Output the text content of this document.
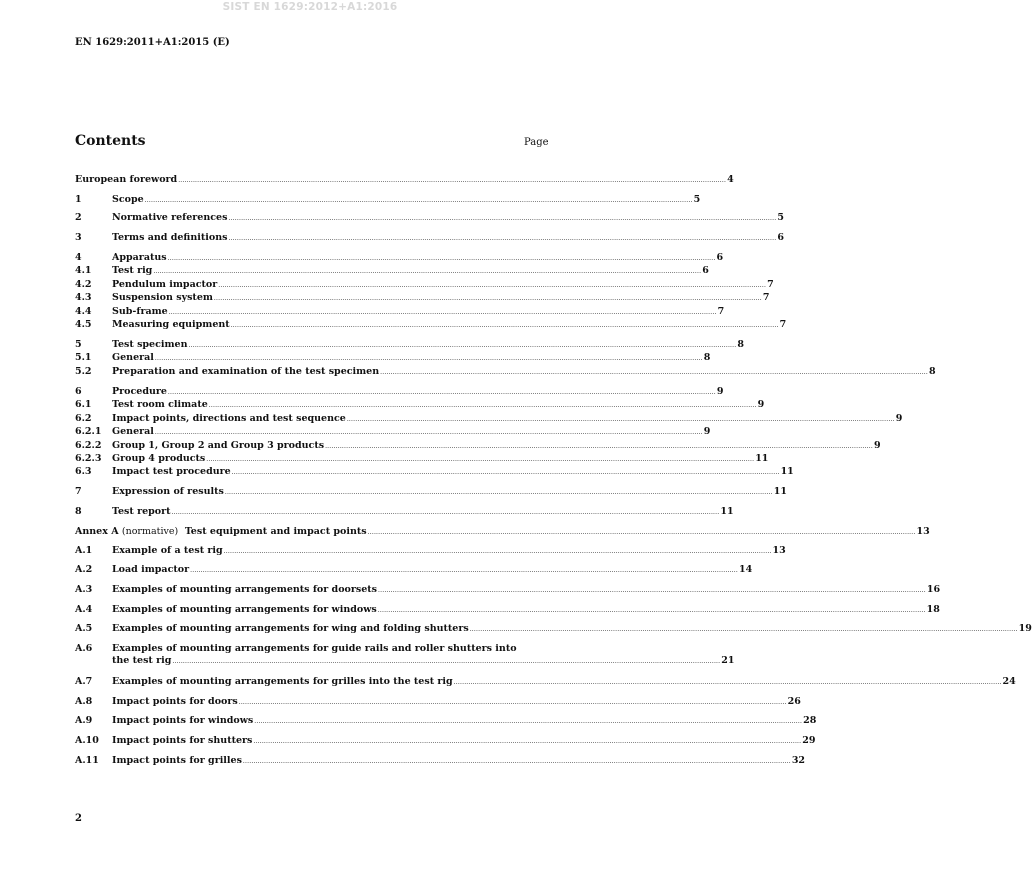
SIST EN 1629:2012+A1:2016
EN 1629:2011+A1:2015 (E)
Contents	Page
European foreword .................................................................................................................................................................................................................................................................... 4
1	Scope .................................................................................................................................................................................................................................................................... 5
2	Normative references .................................................................................................................................................................................................................................................................... 5
3	Terms and definitions .................................................................................................................................................................................................................................................................... 6
4	Apparatus .................................................................................................................................................................................................................................................................... 6
4.1	Test rig .................................................................................................................................................................................................................................................................... 6
4.2	Pendulum impactor .................................................................................................................................................................................................................................................................... 7
4.3	Suspension system .................................................................................................................................................................................................................................................................... 7
4.4	Sub-frame .................................................................................................................................................................................................................................................................... 7
4.5	Measuring equipment .................................................................................................................................................................................................................................................................... 7
5	Test specimen .................................................................................................................................................................................................................................................................... 8
5.1	General .................................................................................................................................................................................................................................................................... 8
5.2	Preparation and examination of the test specimen .................................................................................................................................................................................................................................................................... 8
6	Procedure .................................................................................................................................................................................................................................................................... 9
6.1	Test room climate .................................................................................................................................................................................................................................................................... 9
6.2	Impact points, directions and test sequence .................................................................................................................................................................................................................................................................... 9
6.2.1	General .................................................................................................................................................................................................................................................................... 9
6.2.2	Group 1, Group 2 and Group 3 products .................................................................................................................................................................................................................................................................... 9
6.2.3	Group 4 products .................................................................................................................................................................................................................................................................... 11
6.3	Impact test procedure .................................................................................................................................................................................................................................................................... 11
7	Expression of results .................................................................................................................................................................................................................................................................... 11
8	Test report .................................................................................................................................................................................................................................................................... 11
Annex A (normative) Test equipment and impact points .................................................................................................................................................................................................................................................................... 13
A.1	Example of a test rig .................................................................................................................................................................................................................................................................... 13
A.2	Load impactor .................................................................................................................................................................................................................................................................... 14
A.3	Examples of mounting arrangements for doorsets .................................................................................................................................................................................................................................................................... 16
A.4	Examples of mounting arrangements for windows .................................................................................................................................................................................................................................................................... 18
A.5	Examples of mounting arrangements for wing and folding shutters .................................................................................................................................................................................................................................................................... 19
A.6 Examples of mounting arrangements for guide rails and roller shutters into
the test rig .................................................................................................................................................................................................................................................................... 21
A.7	Examples of mounting arrangements for grilles into the test rig .................................................................................................................................................................................................................................................................... 24
A.8	Impact points for doors .................................................................................................................................................................................................................................................................... 26
A.9	Impact points for windows .................................................................................................................................................................................................................................................................... 28
A.10	Impact points for shutters .................................................................................................................................................................................................................................................................... 29
A.11	Impact points for grilles .................................................................................................................................................................................................................................................................... 32
2
